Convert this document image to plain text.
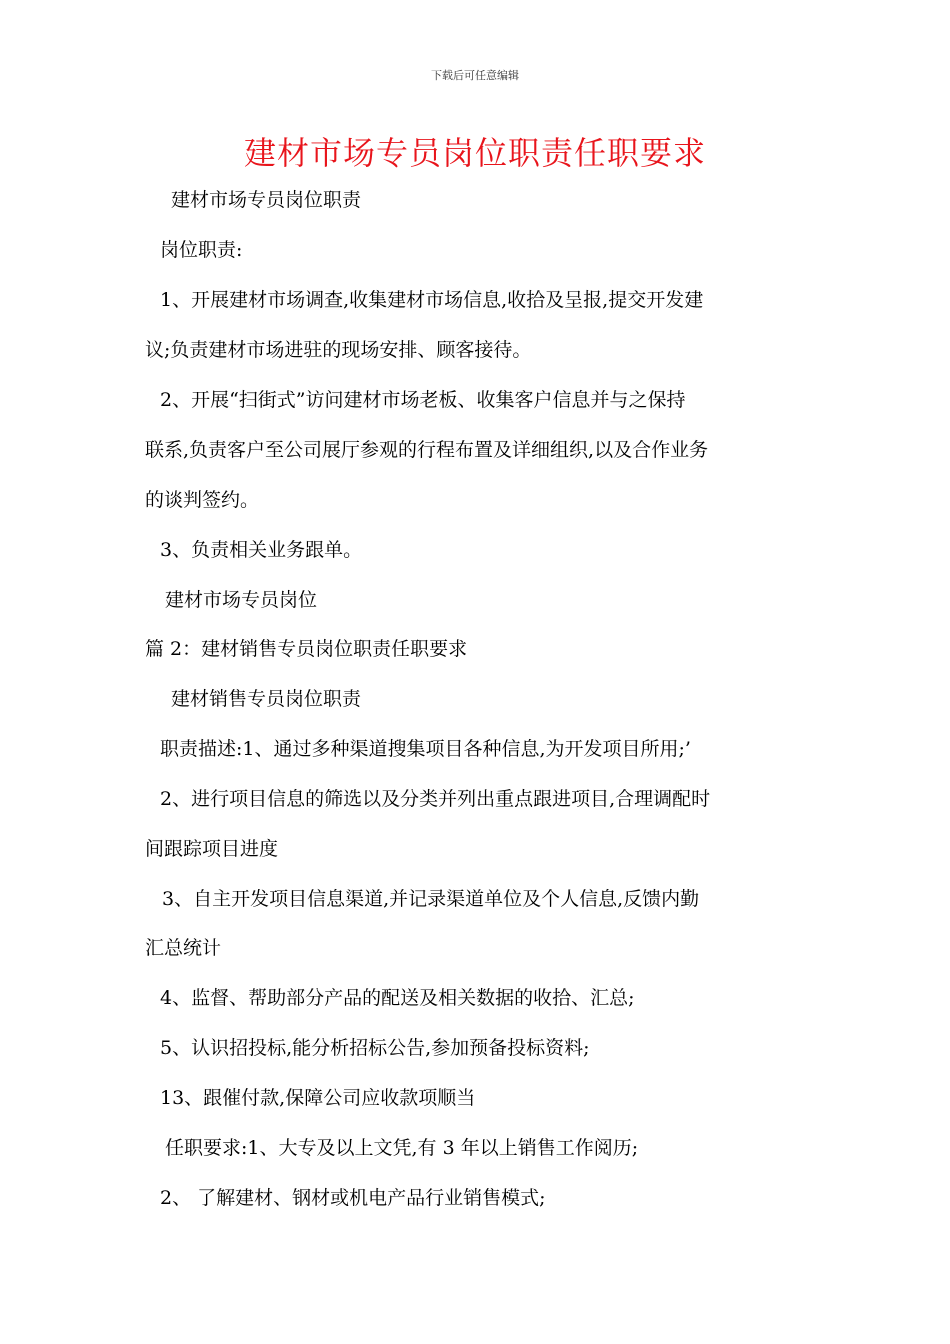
下载后可任意编辑
建材市场专员岗位职责任职要求
建材市场专员岗位职责
岗位职责:
1、开展建材市场调查,收集建材市场信息,收拾及呈报,提交开发建
议;负责建材市场进驻的现场安排、顾客接待。
2、开展“扫街式”访问建材市场老板、收集客户信息并与之保持
联系,负责客户至公司展厅参观的行程布置及详细组织,以及合作业务
的谈判签约。
3、负责相关业务跟单。
建材市场专员岗位
篇 2：建材销售专员岗位职责任职要求
建材销售专员岗位职责
职责描述:1、通过多种渠道搜集项目各种信息,为开发项目所用;’
2、进行项目信息的筛选以及分类并列出重点跟进项目,合理调配时
间跟踪项目进度
3、自主开发项目信息渠道,并记录渠道单位及个人信息,反馈内勤
汇总统计
4、监督、帮助部分产品的配送及相关数据的收拾、汇总;
5、认识招投标,能分析招标公告,参加预备投标资料;
13、跟催付款,保障公司应收款项顺当
任职要求:1、大专及以上文凭,有 3 年以上销售工作阅历;
2、 了解建材、钢材或机电产品行业销售模式;
